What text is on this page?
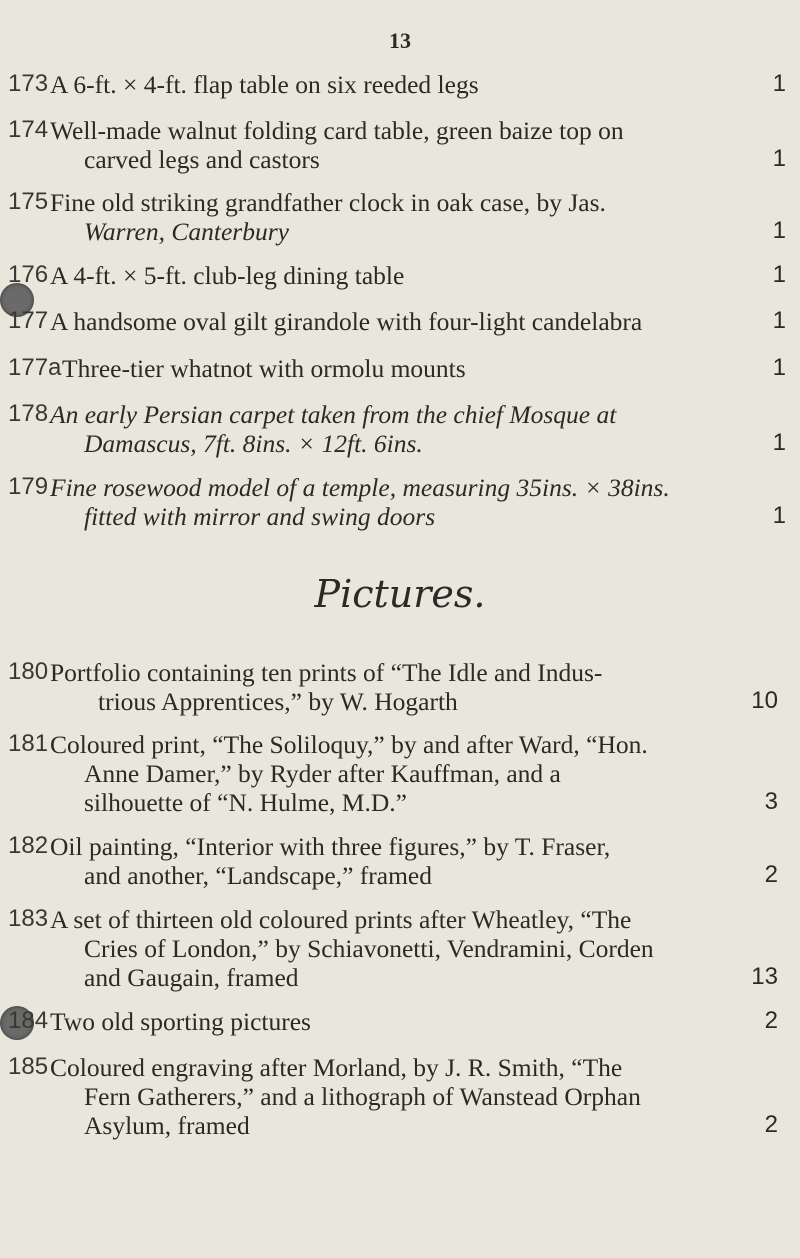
13
173 A 6-ft. × 4-ft. flap table on six reeded legs	1
174 Well-made walnut folding card table, green baize top on
carved legs and castors	1
175 Fine old striking grandfather clock in oak case, by Jas.
Warren, Canterbury	1
176 A 4-ft. × 5-ft. club-leg dining table	1
177 A handsome oval gilt girandole with four-light candelabra	1
177a Three-tier whatnot with ormolu mounts	1
178 An early Persian carpet taken from the chief Mosque at
Damascus, 7ft. 8ins. × 12ft. 6ins.	1
179 Fine rosewood model of a temple, measuring 35ins. × 38ins.
fitted with mirror and swing doors	1
Pictures.
180 Portfolio containing ten prints of “The Idle and Indus-
trious Apprentices,” by W. Hogarth	10
181 Coloured print, “The Soliloquy,” by and after Ward, “Hon.
Anne Damer,” by Ryder after Kauffman, and a
silhouette of “N. Hulme, M.D.”	3
182 Oil painting, “Interior with three figures,” by T. Fraser,
and another, “Landscape,” framed	2
183 A set of thirteen old coloured prints after Wheatley, “The
Cries of London,” by Schiavonetti, Vendramini, Corden
and Gaugain, framed	13
184 Two old sporting pictures	2
185 Coloured engraving after Morland, by J. R. Smith, “The
Fern Gatherers,” and a lithograph of Wanstead Orphan
Asylum, framed	2
